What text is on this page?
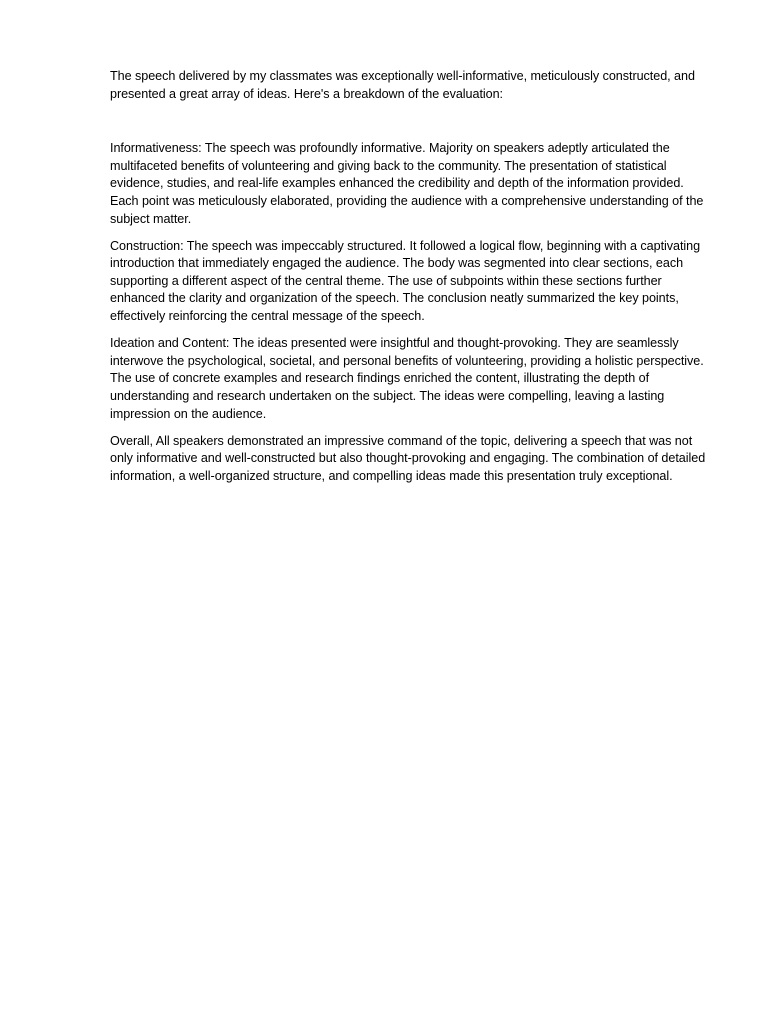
The speech delivered by my classmates was exceptionally well-informative, meticulously constructed, and presented a great array of ideas. Here's a breakdown of the evaluation:

Informativeness: The speech was profoundly informative. Majority on speakers adeptly articulated the multifaceted benefits of volunteering and giving back to the community. The presentation of statistical evidence, studies, and real-life examples enhanced the credibility and depth of the information provided. Each point was meticulously elaborated, providing the audience with a comprehensive understanding of the subject matter.

Construction: The speech was impeccably structured. It followed a logical flow, beginning with a captivating introduction that immediately engaged the audience. The body was segmented into clear sections, each supporting a different aspect of the central theme. The use of subpoints within these sections further enhanced the clarity and organization of the speech. The conclusion neatly summarized the key points, effectively reinforcing the central message of the speech.

Ideation and Content: The ideas presented were insightful and thought-provoking. They are seamlessly interwove the psychological, societal, and personal benefits of volunteering, providing a holistic perspective. The use of concrete examples and research findings enriched the content, illustrating the depth of understanding and research undertaken on the subject. The ideas were compelling, leaving a lasting impression on the audience.

Overall, All speakers demonstrated an impressive command of the topic, delivering a speech that was not only informative and well-constructed but also thought-provoking and engaging. The combination of detailed information, a well-organized structure, and compelling ideas made this presentation truly exceptional.
